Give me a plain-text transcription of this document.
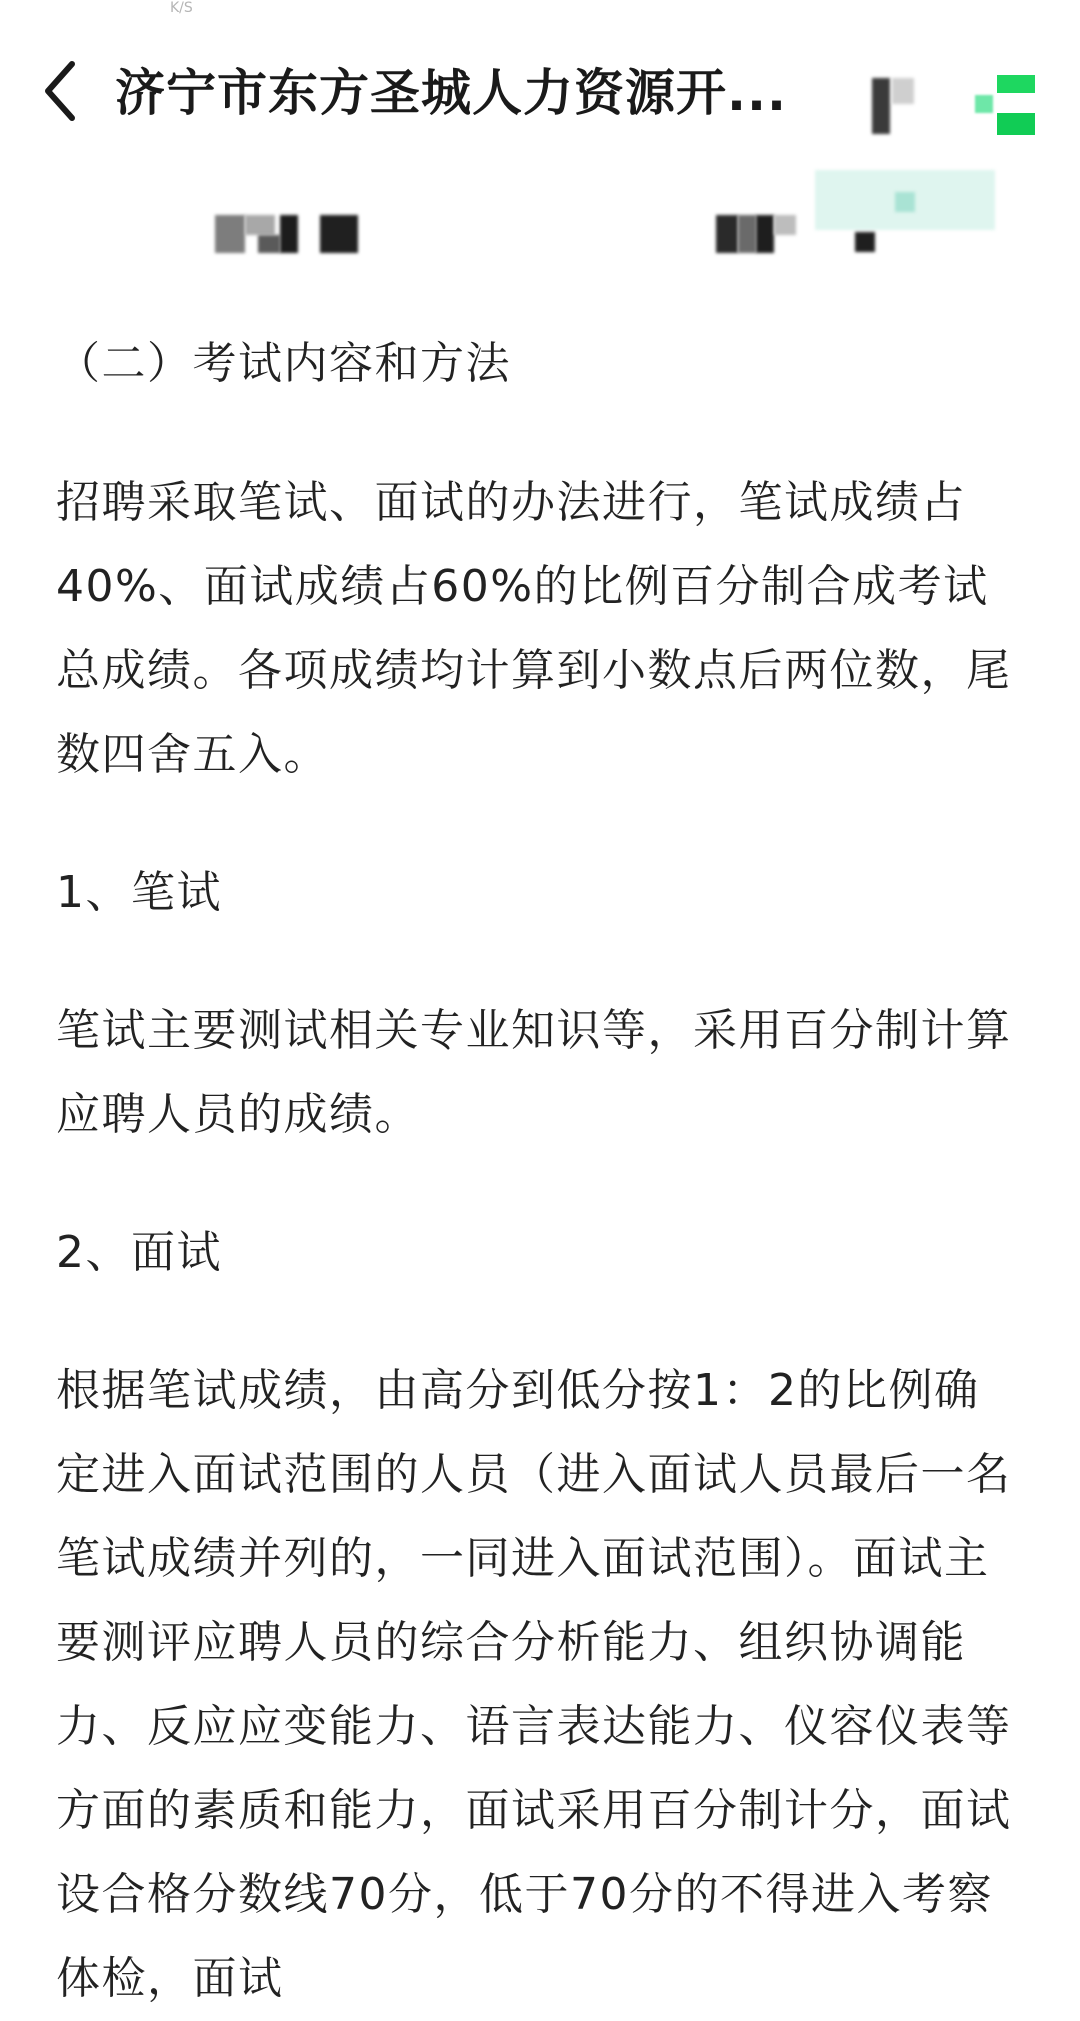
K/S
济宁市东方圣城人力资源开...

（二）考试内容和方法

招聘采取笔试、面试的办法进行，笔试成绩占40%、面试成绩占60%的比例百分制合成考试总成绩。各项成绩均计算到小数点后两位数，尾数四舍五入。

1、笔试

笔试主要测试相关专业知识等，采用百分制计算应聘人员的成绩。

2、面试

根据笔试成绩，由高分到低分按1：2的比例确定进入面试范围的人员（进入面试人员最后一名笔试成绩并列的，一同进入面试范围）。面试主要测评应聘人员的综合分析能力、组织协调能力、反应应变能力、语言表达能力、仪容仪表等方面的素质和能力，面试采用百分制计分，面试设合格分数线70分，低于70分的不得进入考察体检，面试
